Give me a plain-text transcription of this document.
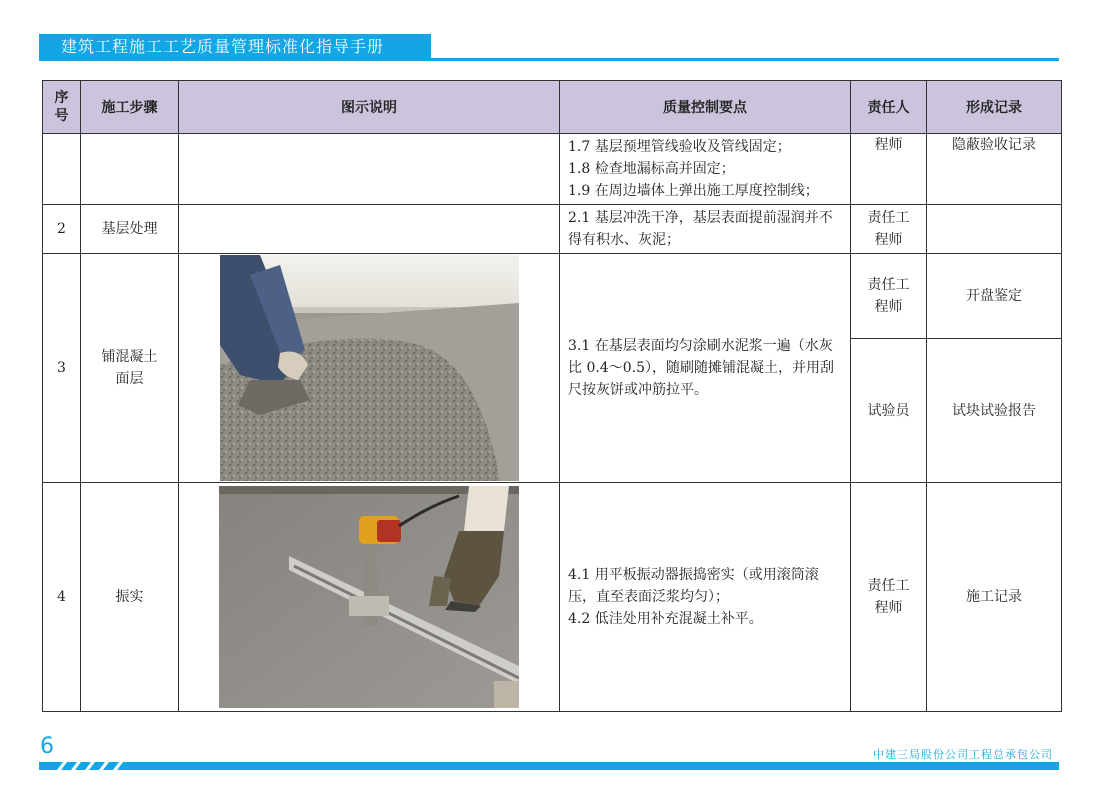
建筑工程施工工艺质量管理标准化指导手册
序号	施工步骤	图示说明	质量控制要点	责任人	形成记录

			1.7 基层预埋管线验收及管线固定；
1.8 检查地漏标高并固定；
1.9 在周边墙体上弹出施工厚度控制线；	程师	隐蔽验收记录
2	基层处理		2.1 基层冲洗干净，基层表面提前湿润并不得有积水、灰泥；	责任工程师	
3	铺混凝土面层		3.1 在基层表面均匀涂刷水泥浆一遍（水灰比 0.4～0.5），随刷随摊铺混凝土，并用刮尺按灰饼或冲筋拉平。	责任工程师	开盘鉴定
				试验员	试块试验报告
4	振实		4.1 用平板振动器振捣密实（或用滚筒滚压，直至表面泛浆均匀）；
4.2 低洼处用补充混凝土补平。	责任工程师	施工记录
6	中建三局股份公司工程总承包公司
